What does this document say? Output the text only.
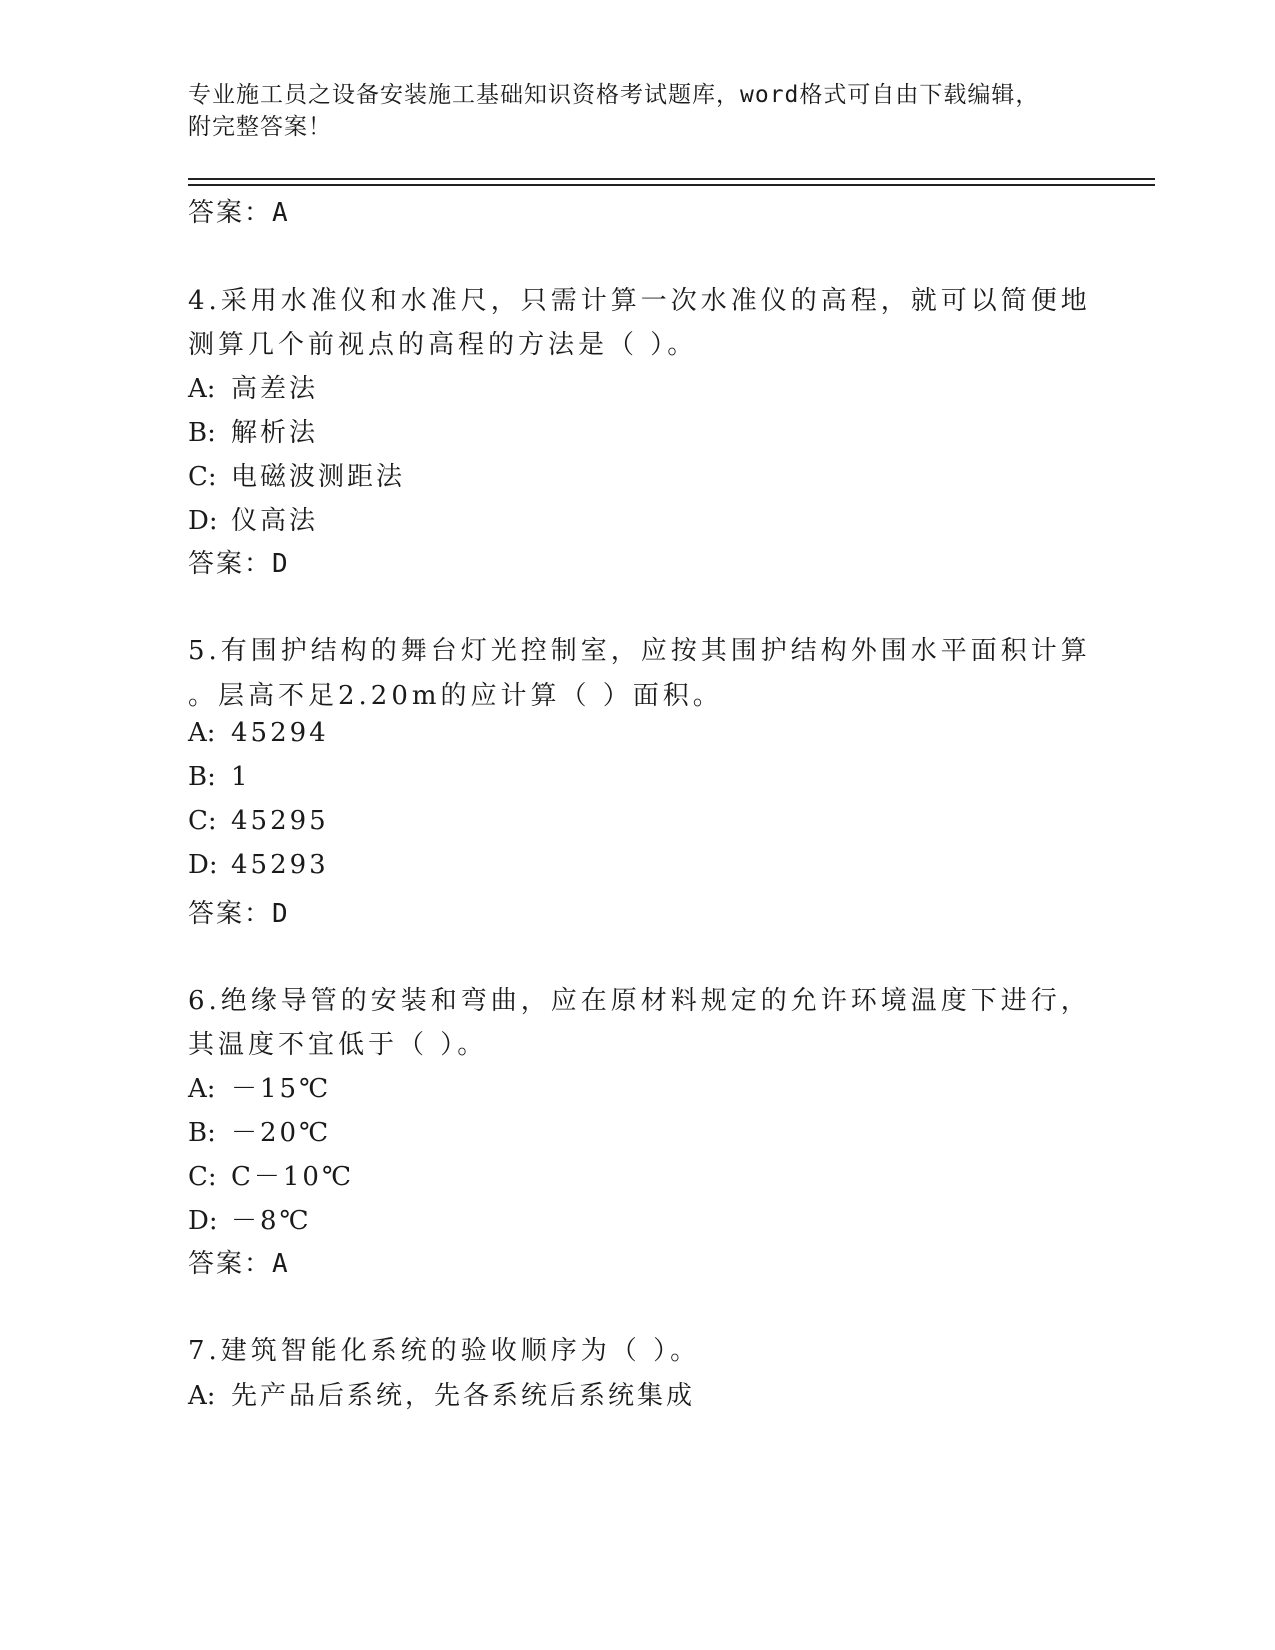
专业施工员之设备安装施工基础知识资格考试题库，word格式可自由下载编辑，
附完整答案！
答案：A
4.采用水准仪和水准尺，只需计算一次水准仪的高程，就可以简便地
测算几个前视点的高程的方法是（ ）。
A: 高差法
B: 解析法
C: 电磁波测距法
D: 仪高法
答案：D
5.有围护结构的舞台灯光控制室，应按其围护结构外围水平面积计算
。层高不足2.20m的应计算（ ）面积。
A: 45294
B: 1
C: 45295
D: 45293
答案：D
6.绝缘导管的安装和弯曲，应在原材料规定的允许环境温度下进行，
其温度不宜低于（ ）。
A: －15℃
B: －20℃
C: C－10℃
D: －8℃
答案：A
7.建筑智能化系统的验收顺序为（ ）。
A: 先产品后系统，先各系统后系统集成
